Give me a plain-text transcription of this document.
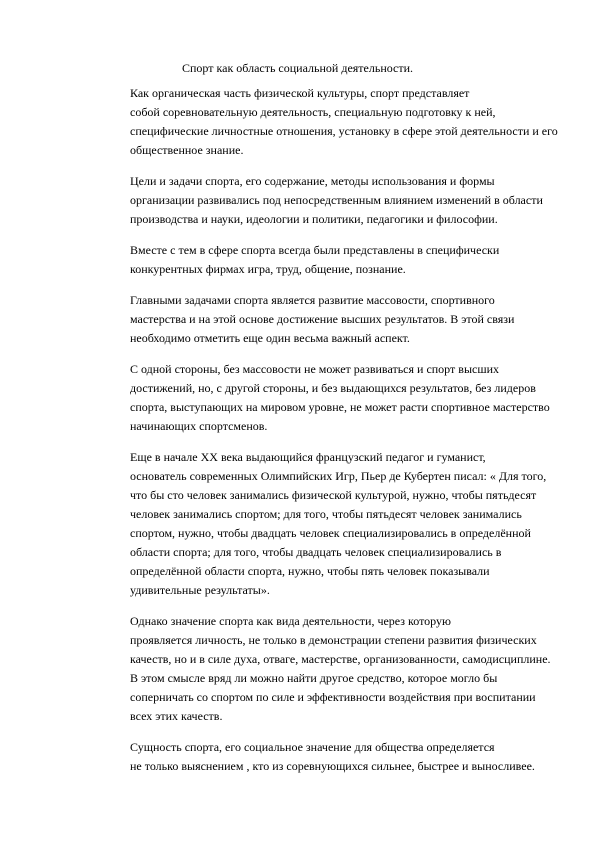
Спорт как область социальной деятельности.

Как органическая часть физической культуры, спорт представляет
собой соревновательную деятельность, специальную подготовку к ней,
специфические личностные отношения, установку в сфере этой деятельности и его
общественное знание.

Цели и задачи спорта, его содержание, методы использования и формы
организации развивались под непосредственным влиянием изменений в области
производства и науки, идеологии и политики, педагогики и философии.

Вместе с тем в сфере спорта всегда были представлены в специфически
конкурентных фирмах игра, труд, общение, познание.

Главными задачами спорта является развитие массовости, спортивного
мастерства и на этой основе достижение высших результатов. В этой связи
необходимо отметить еще один весьма важный аспект.

С одной стороны, без массовости не может развиваться и спорт высших
достижений, но, с другой стороны, и без выдающихся результатов, без лидеров
спорта, выступающих на мировом уровне, не может расти спортивное мастерство
начинающих спортсменов.

Еще в начале XX века выдающийся французский педагог и гуманист,
основатель современных Олимпийских Игр, Пьер де Кубертен писал: « Для того,
что бы сто человек занимались физической культурой, нужно, чтобы пятьдесят
человек занимались спортом; для того, чтобы пятьдесят человек занимались
спортом, нужно, чтобы двадцать человек специализировались в определённой
области спорта; для того, чтобы двадцать человек специализировались в
определённой области спорта, нужно, чтобы пять человек показывали
удивительные результаты».

Однако значение спорта как вида деятельности, через которую
проявляется личность, не только в демонстрации степени развития физических
качеств, но и в силе духа, отваге, мастерстве, организованности, самодисциплине.
В этом смысле вряд ли можно найти другое средство, которое могло бы
соперничать со спортом по силе и эффективности воздействия при воспитании
всех этих качеств.

Сущность спорта, его социальное значение для общества определяется
не только выяснением , кто из соревнующихся сильнее, быстрее и выносливее.
